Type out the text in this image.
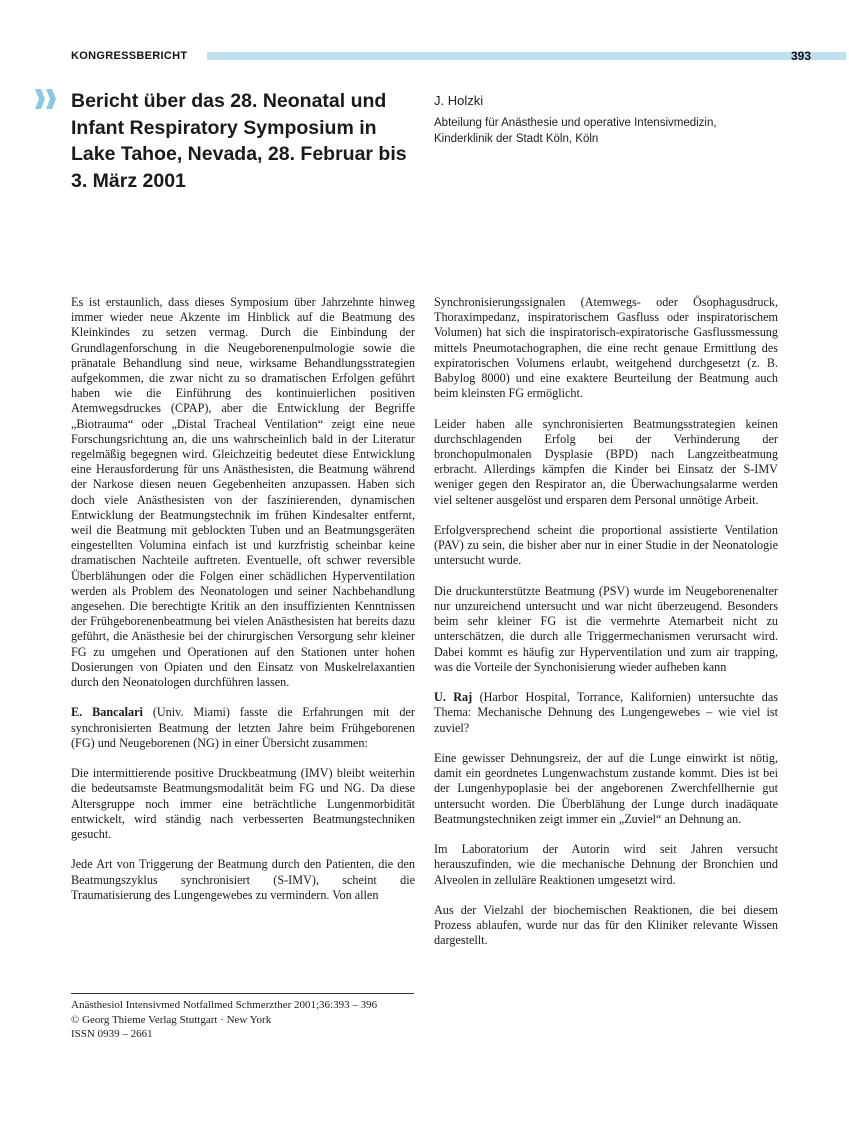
KONGRESSBERICHT	393
Bericht über das 28. Neonatal und Infant Respiratory Symposium in Lake Tahoe, Nevada, 28. Februar bis 3. März 2001
J. Holzki
Abteilung für Anästhesie und operative Intensivmedizin,
Kinderklinik der Stadt Köln, Köln

Es ist erstaunlich, dass dieses Symposium über Jahrzehnte hinweg immer wieder neue Akzente im Hinblick auf die Beatmung des Kleinkindes zu setzen vermag. Durch die Einbindung der Grundlagenforschung in die Neugeborenenpulmologie sowie die pränatale Behandlung sind neue, wirksame Behandlungsstrategien aufgekommen, die zwar nicht zu so dramatischen Erfolgen geführt haben wie die Einführung des kontinuierlichen positiven Atemwegsdruckes (CPAP), aber die Entwicklung der Begriffe „Biotrauma“ oder „Distal Tracheal Ventilation“ zeigt eine neue Forschungsrichtung an, die uns wahrscheinlich bald in der Literatur regelmäßig begegnen wird. Gleichzeitig bedeutet diese Entwicklung eine Herausforderung für uns Anästhesisten, die Beatmung während der Narkose diesen neuen Gegebenheiten anzupassen. Haben sich doch viele Anästhesisten von der faszinierenden, dynamischen Entwicklung der Beatmungstechnik im frühen Kindesalter entfernt, weil die Beatmung mit geblockten Tuben und an Beatmungsgeräten eingestellten Volumina einfach ist und kurzfristig scheinbar keine dramatischen Nachteile auftreten. Eventuelle, oft schwer reversible Überblähungen oder die Folgen einer schädlichen Hyperventilation werden als Problem des Neonatologen und seiner Nachbehandlung angesehen. Die berechtigte Kritik an den insuffizienten Kenntnissen der Frühgeborenenbeatmung bei vielen Anästhesisten hat bereits dazu geführt, die Anästhesie bei der chirurgischen Versorgung sehr kleiner FG zu umgehen und Operationen auf den Stationen unter hohen Dosierungen von Opiaten und den Einsatz von Muskelrelaxantien durch den Neonatologen durchführen lassen.

E. Bancalari (Univ. Miami) fasste die Erfahrungen mit der synchronisierten Beatmung der letzten Jahre beim Frühgeborenen (FG) und Neugeborenen (NG) in einer Übersicht zusammen:

Die intermittierende positive Druckbeatmung (IMV) bleibt weiterhin die bedeutsamste Beatmungsmodalität beim FG und NG. Da diese Altersgruppe noch immer eine beträchtliche Lungenmorbidität entwickelt, wird ständig nach verbesserten Beatmungstechniken gesucht.

Jede Art von Triggerung der Beatmung durch den Patienten, die den Beatmungszyklus synchronisiert (S-IMV), scheint die Traumatisierung des Lungengewebes zu vermindern. Von allen

Synchronisierungssignalen (Atemwegs- oder Ösophagusdruck, Thoraximpedanz, inspiratorischem Gasfluss oder inspiratorischem Volumen) hat sich die inspiratorisch-expiratorische Gasflussmessung mittels Pneumotachographen, die eine recht genaue Ermittlung des expiratorischen Volumens erlaubt, weitgehend durchgesetzt (z. B. Babylog 8000) und eine exaktere Beurteilung der Beatmung auch beim kleinsten FG ermöglicht.

Leider haben alle synchronisierten Beatmungsstrategien keinen durchschlagenden Erfolg bei der Verhinderung der bronchopulmonalen Dysplasie (BPD) nach Langzeitbeatmung erbracht. Allerdings kämpfen die Kinder bei Einsatz der S-IMV weniger gegen den Respirator an, die Überwachungsalarme werden viel seltener ausgelöst und ersparen dem Personal unnötige Arbeit.

Erfolgversprechend scheint die proportional assistierte Ventilation (PAV) zu sein, die bisher aber nur in einer Studie in der Neonatologie untersucht wurde.

Die druckunterstützte Beatmung (PSV) wurde im Neugeborenenalter nur unzureichend untersucht und war nicht überzeugend. Besonders beim sehr kleiner FG ist die vermehrte Atemarbeit nicht zu unterschätzen, die durch alle Triggermechanismen verursacht wird. Dabei kommt es häufig zur Hyperventilation und zum air trapping, was die Vorteile der Synchonisierung wieder aufheben kann

U. Raj (Harbor Hospital, Torrance, Kalifornien) untersuchte das Thema: Mechanische Dehnung des Lungengewebes – wie viel ist zuviel?

Eine gewisser Dehnungsreiz, der auf die Lunge einwirkt ist nötig, damit ein geordnetes Lungenwachstum zustande kommt. Dies ist bei der Lungenhypoplasie bei der angeborenen Zwerchfellhernie gut untersucht worden. Die Überblähung der Lunge durch inadäquate Beatmungstechniken zeigt immer ein „Zuviel“ an Dehnung an.

Im Laboratorium der Autorin wird seit Jahren versucht herauszufinden, wie die mechanische Dehnung der Bronchien und Alveolen in zelluläre Reaktionen umgesetzt wird.

Aus der Vielzahl der biochemischen Reaktionen, die bei diesem Prozess ablaufen, wurde nur das für den Kliniker relevante Wissen dargestellt.

Anästhesiol Intensivmed Notfallmed Schmerzther 2001;36:393 – 396
© Georg Thieme Verlag Stuttgart · New York
ISSN 0939 – 2661
